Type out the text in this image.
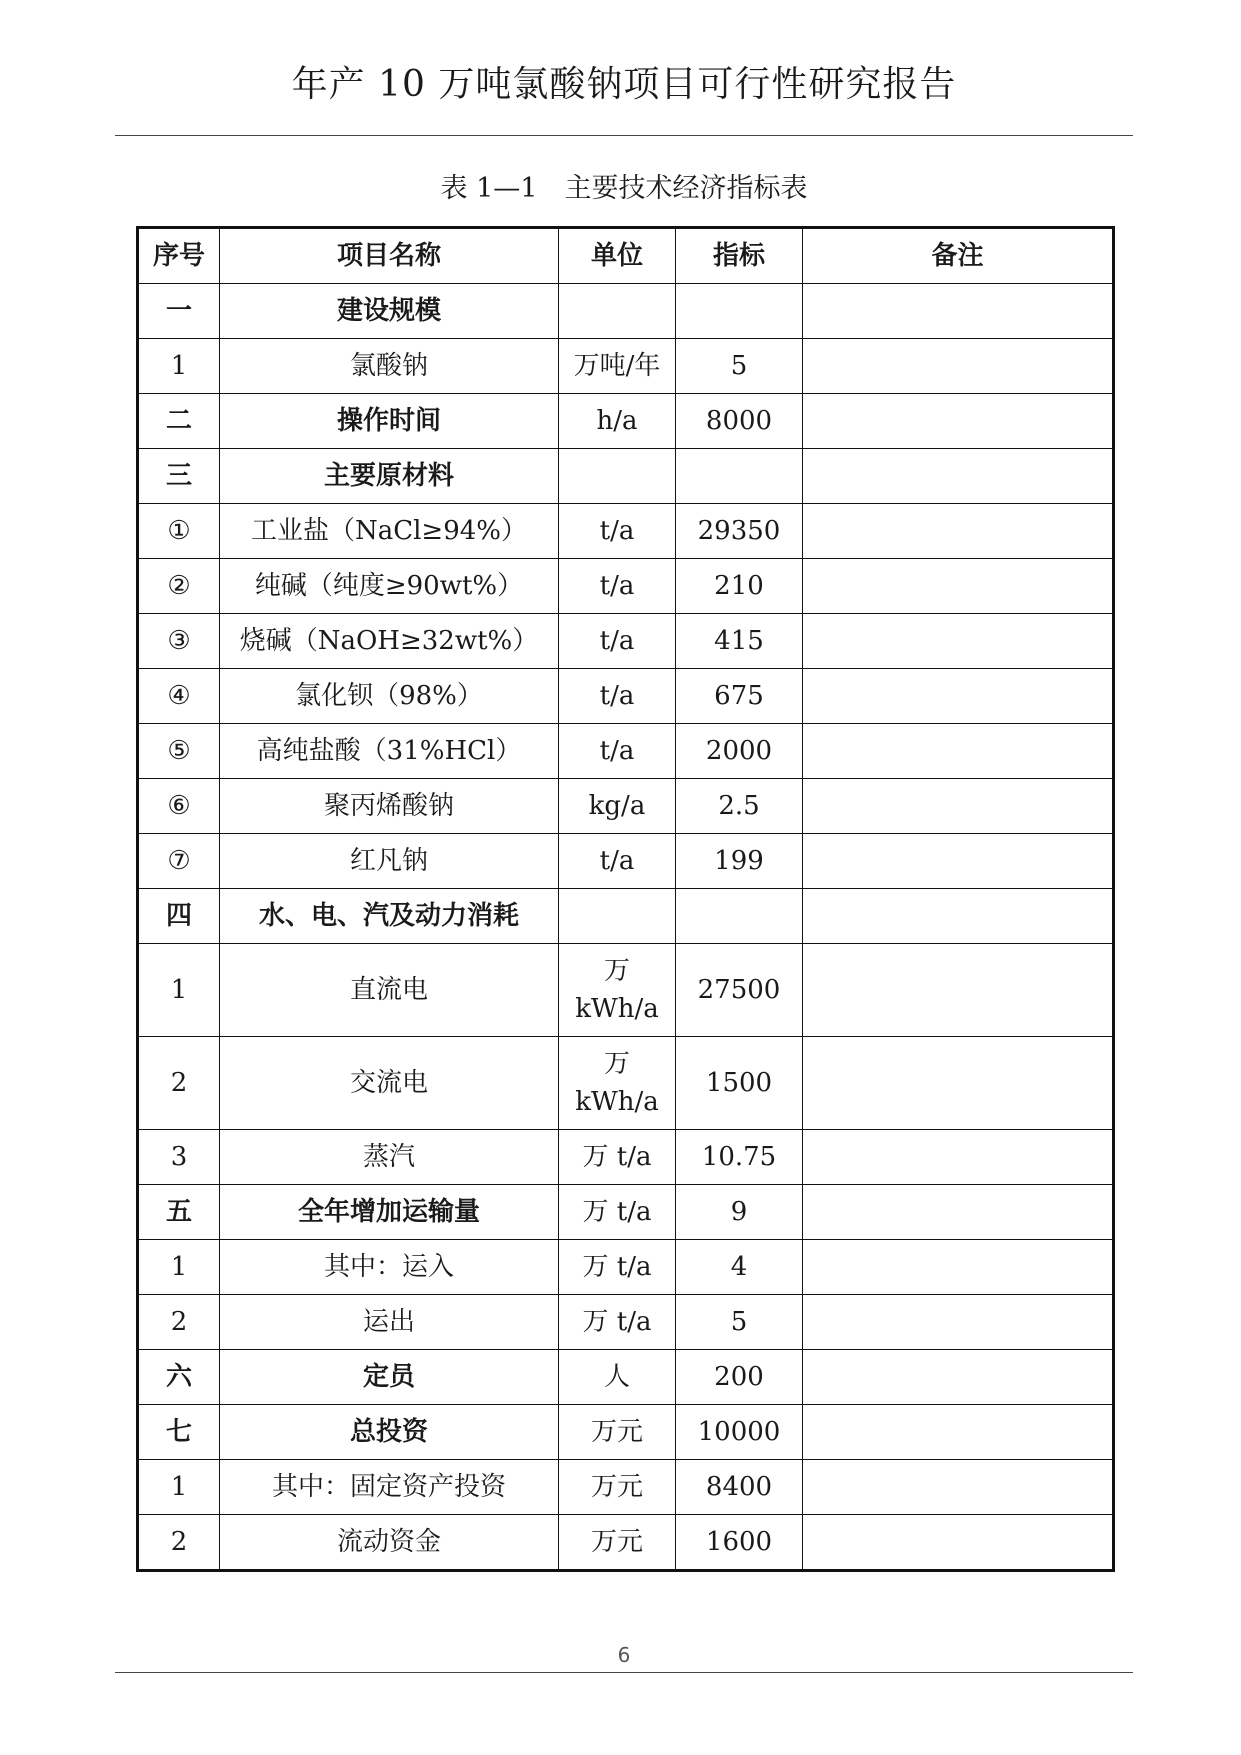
年产 10 万吨氯酸钠项目可行性研究报告
表 1—1　主要技术经济指标表
序号	项目名称	单位	指标	备注
一	建设规模			
1	氯酸钠	万吨/年	5	
二	操作时间	h/a	8000	
三	主要原材料			
①	工业盐（NaCl≥94%）	t/a	29350	
②	纯碱（纯度≥90wt%）	t/a	210	
③	烧碱（NaOH≥32wt%）	t/a	415	
④	氯化钡（98%）	t/a	675	
⑤	高纯盐酸（31%HCl）	t/a	2000	
⑥	聚丙烯酸钠	kg/a	2.5	
⑦	红凡钠	t/a	199	
四	水、电、汽及动力消耗			
1	直流电	万 kWh/a	27500	
2	交流电	万 kWh/a	1500	
3	蒸汽	万 t/a	10.75	
五	全年增加运输量	万 t/a	9	
1	其中：运入	万 t/a	4	
2	运出	万 t/a	5	
六	定员	人	200	
七	总投资	万元	10000	
1	其中：固定资产投资	万元	8400	
2	流动资金	万元	1600	
6
